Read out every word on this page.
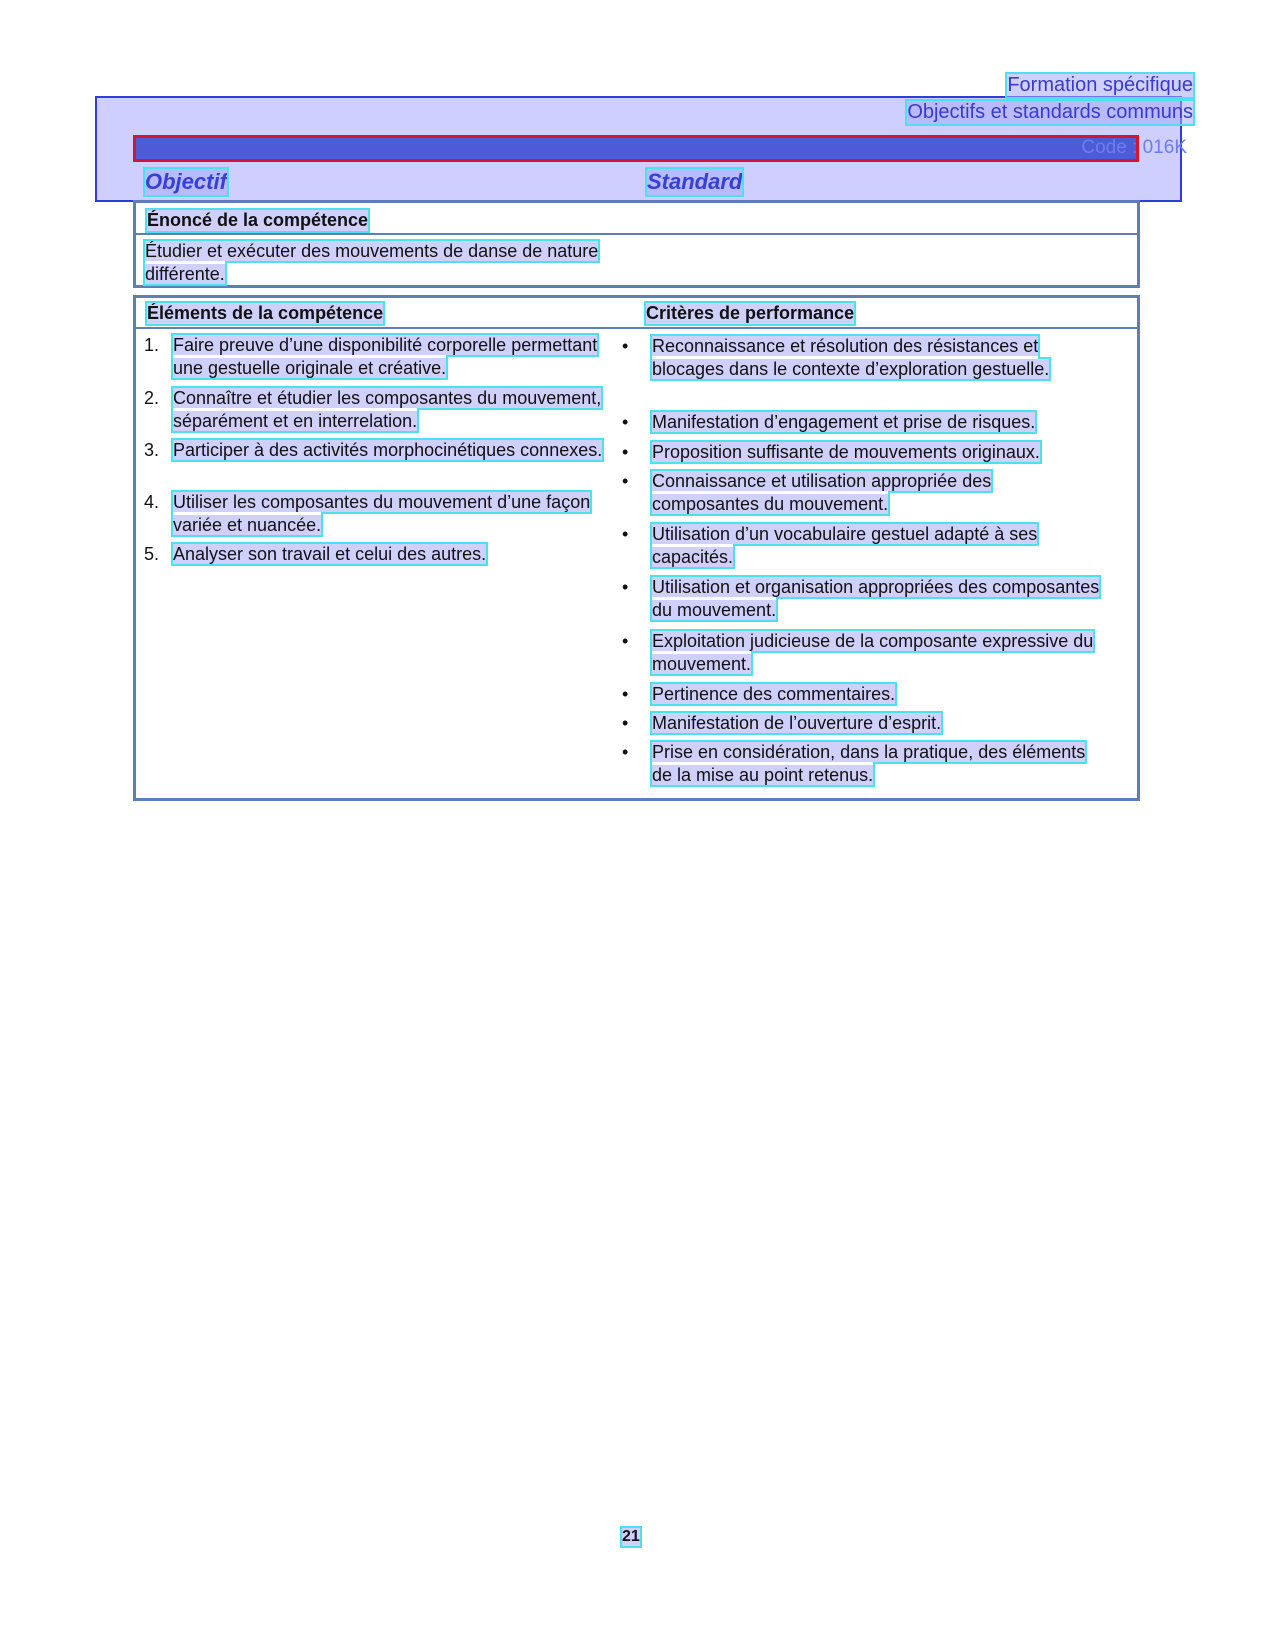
Formation spécifique
Objectifs et standards communs
Code : 016K
Objectif	Standard
Énoncé de la compétence
Étudier et exécuter des mouvements de danse de nature différente.
Éléments de la compétence	Critères de performance
1. Faire preuve d’une disponibilité corporelle permettant une gestuelle originale et créative.
2. Connaître et étudier les composantes du mouvement, séparément et en interrelation.
3. Participer à des activités morphocinétiques connexes.
4. Utiliser les composantes du mouvement d’une façon variée et nuancée.
5. Analyser son travail et celui des autres.
•	Reconnaissance et résolution des résistances et blocages dans le contexte d’exploration gestuelle.
•	Manifestation d’engagement et prise de risques.
•	Proposition suffisante de mouvements originaux.
•	Connaissance et utilisation appropriée des composantes du mouvement.
•	Utilisation d’un vocabulaire gestuel adapté à ses capacités.
•	Utilisation et organisation appropriées des composantes du mouvement.
•	Exploitation judicieuse de la composante expressive du mouvement.
•	Pertinence des commentaires.
•	Manifestation de l’ouverture d’esprit.
•	Prise en considération, dans la pratique, des éléments de la mise au point retenus.
21
